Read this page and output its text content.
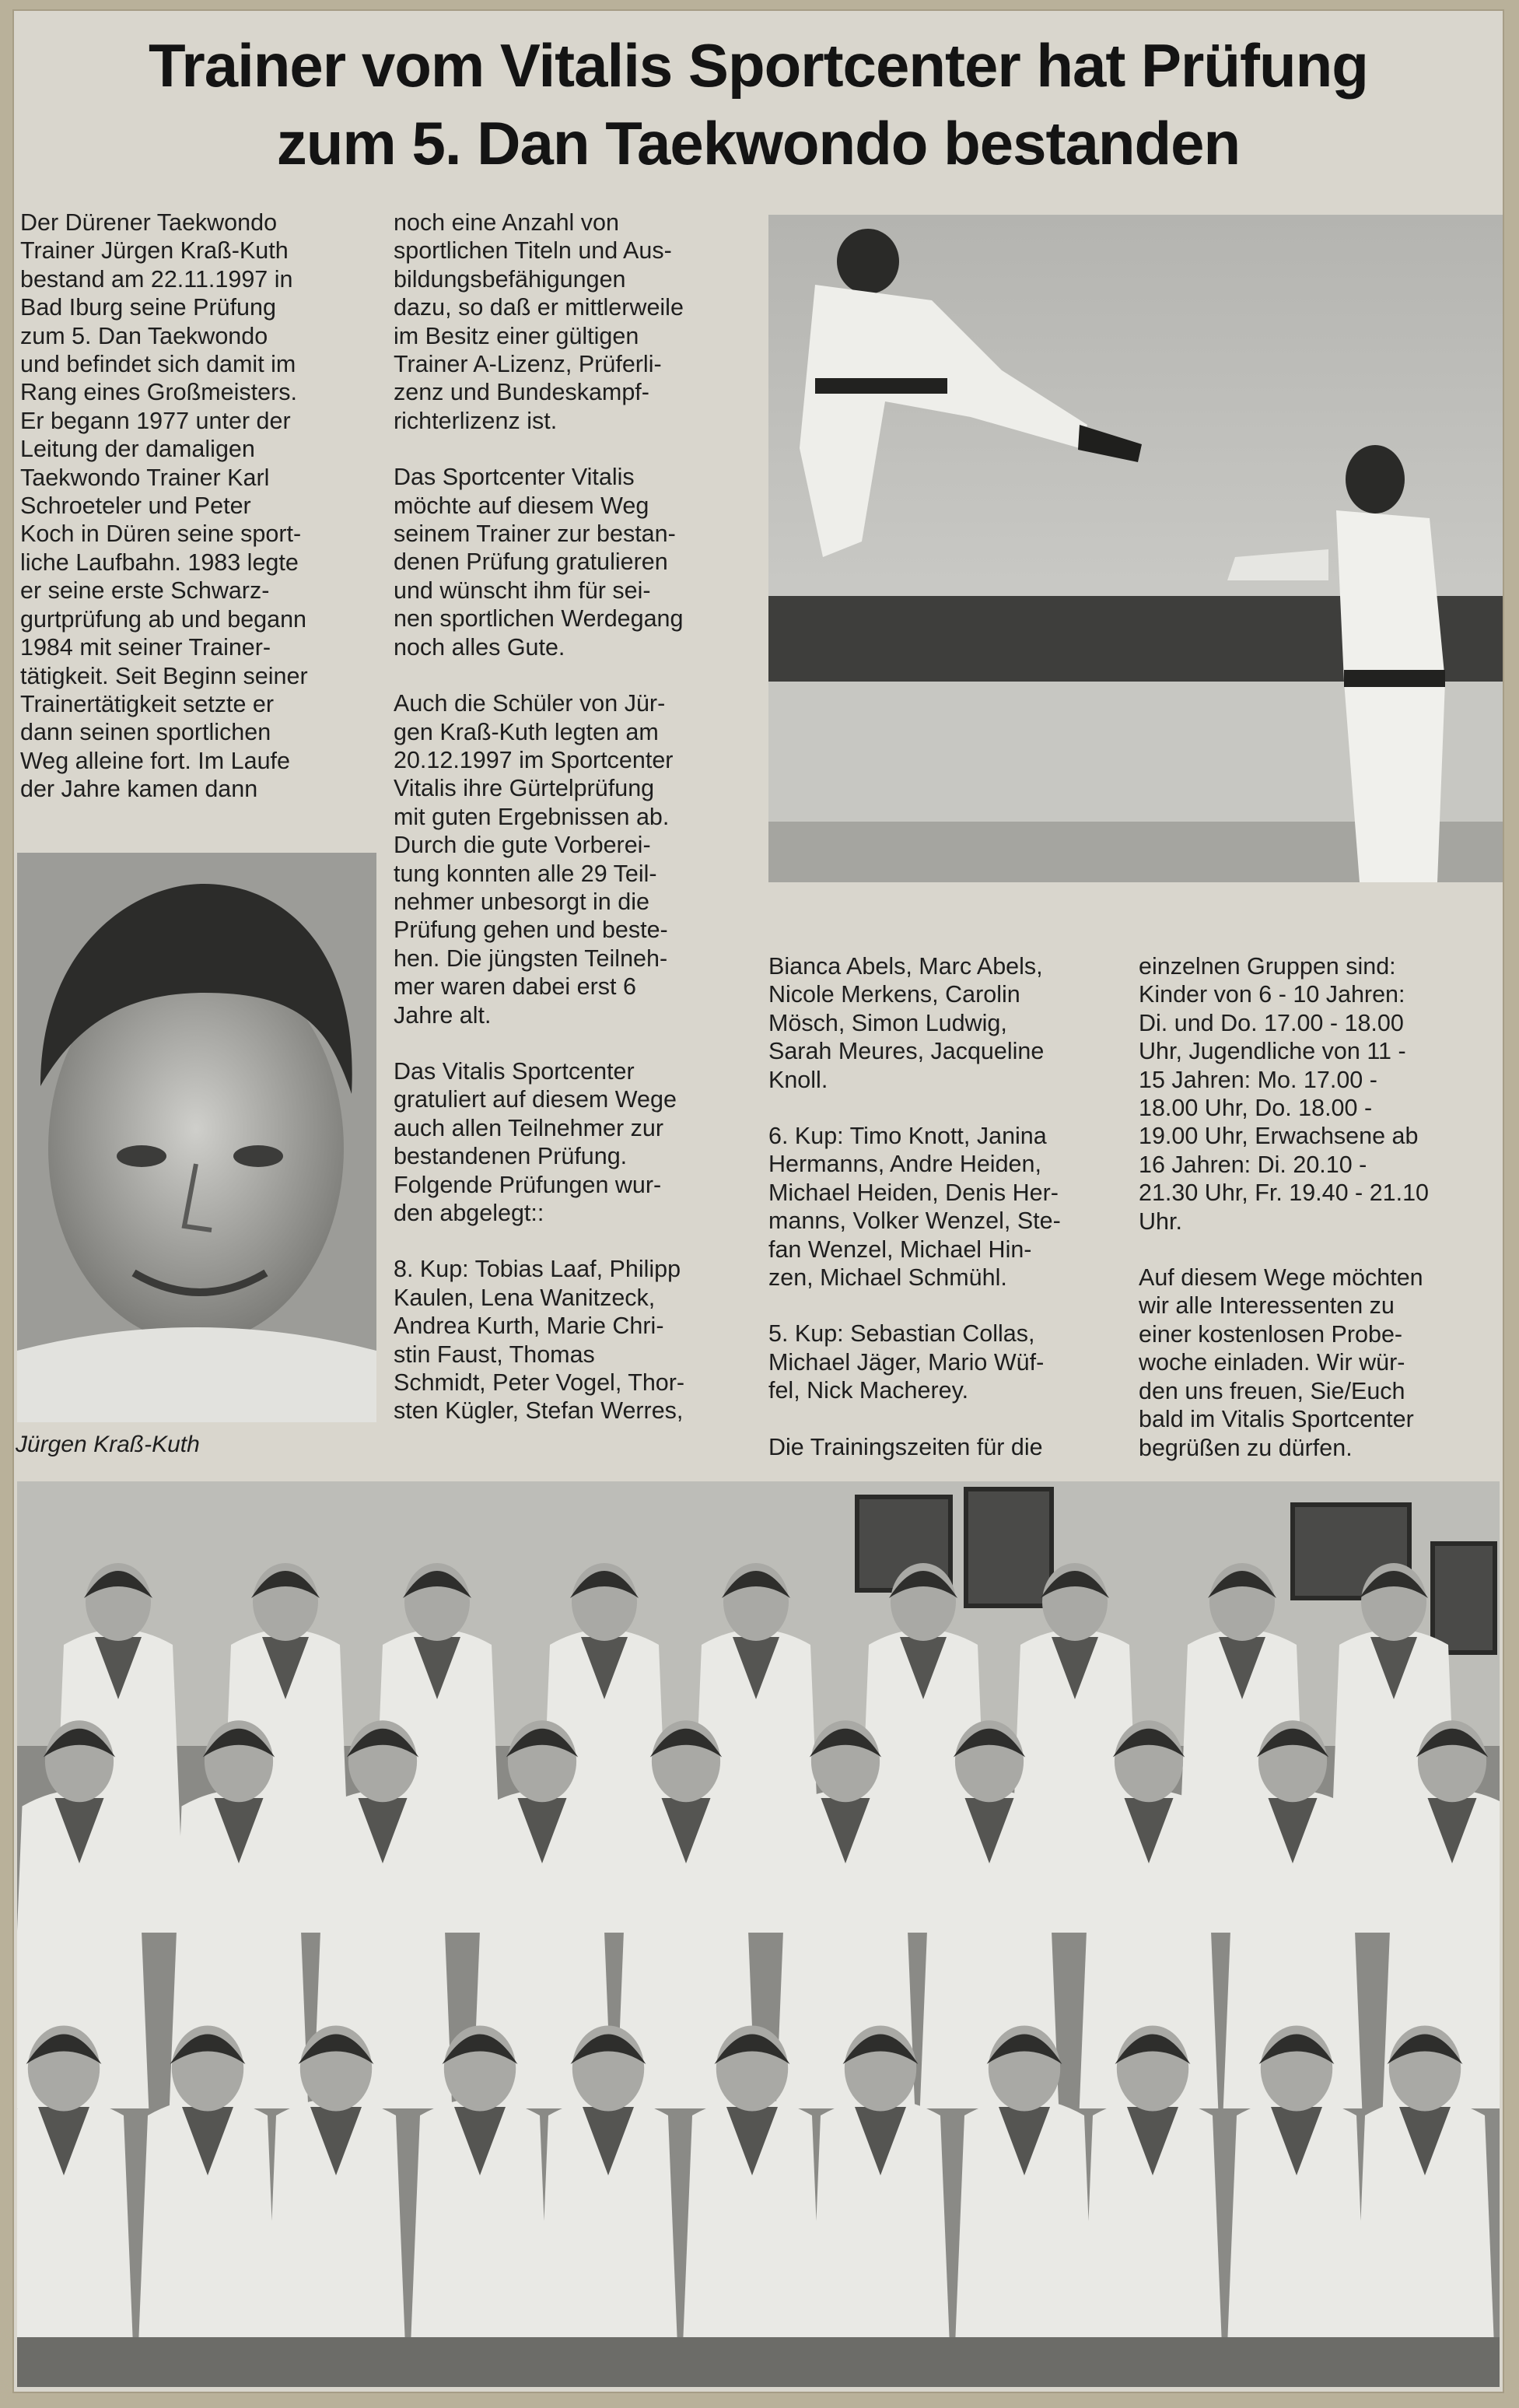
Trainer vom Vitalis Sportcenter hat Prüfung
zum 5. Dan Taekwondo bestanden

Der Dürener Taekwondo
Trainer Jürgen Kraß-Kuth
bestand am 22.11.1997 in
Bad Iburg seine Prüfung
zum 5. Dan Taekwondo
und befindet sich damit im
Rang eines Großmeisters.
Er begann 1977 unter der
Leitung der damaligen
Taekwondo Trainer Karl
Schroeteler und Peter
Koch in Düren seine sport-
liche Laufbahn. 1983 legte
er seine erste Schwarz-
gurtprüfung ab und begann
1984 mit seiner Trainer-
tätigkeit. Seit Beginn seiner
Trainertätigkeit setzte er
dann seinen sportlichen
Weg alleine fort. Im Laufe
der Jahre kamen dann

Jürgen Kraß-Kuth

noch eine Anzahl von
sportlichen Titeln und Aus-
bildungsbefähigungen
dazu, so daß er mittlerweile
im Besitz einer gültigen
Trainer A-Lizenz, Prüferli-
zenz und Bundeskampf-
richterlizenz ist.

Das Sportcenter Vitalis
möchte auf diesem Weg
seinem Trainer zur bestan-
denen Prüfung gratulieren
und wünscht ihm für sei-
nen sportlichen Werdegang
noch alles Gute.

Auch die Schüler von Jür-
gen Kraß-Kuth legten am
20.12.1997 im Sportcenter
Vitalis ihre Gürtelprüfung
mit guten Ergebnissen ab.
Durch die gute Vorberei-
tung konnten alle 29 Teil-
nehmer unbesorgt in die
Prüfung gehen und beste-
hen. Die jüngsten Teilneh-
mer waren dabei erst 6
Jahre alt.

Das Vitalis Sportcenter
gratuliert auf diesem Wege
auch allen Teilnehmer zur
bestandenen Prüfung.
Folgende Prüfungen wur-
den abgelegt::

8. Kup: Tobias Laaf, Philipp
Kaulen, Lena Wanitzeck,
Andrea Kurth, Marie Chri-
stin Faust, Thomas
Schmidt, Peter Vogel, Thor-
sten Kügler, Stefan Werres,

Bianca Abels, Marc Abels,
Nicole Merkens, Carolin
Mösch, Simon Ludwig,
Sarah Meures, Jacqueline
Knoll.

6. Kup: Timo Knott, Janina
Hermanns, Andre Heiden,
Michael Heiden, Denis Her-
manns, Volker Wenzel, Ste-
fan Wenzel, Michael Hin-
zen, Michael Schmühl.

5. Kup: Sebastian Collas,
Michael Jäger, Mario Wüf-
fel, Nick Macherey.

Die Trainingszeiten für die

einzelnen Gruppen sind:
Kinder von 6 - 10 Jahren:
Di. und Do. 17.00 - 18.00
Uhr, Jugendliche von 11 -
15 Jahren: Mo. 17.00 -
18.00 Uhr, Do. 18.00 -
19.00 Uhr, Erwachsene ab
16 Jahren: Di. 20.10 -
21.30 Uhr, Fr. 19.40 - 21.10
Uhr.

Auf diesem Wege möchten
wir alle Interessenten zu
einer kostenlosen Probe-
woche einladen. Wir wür-
den uns freuen, Sie/Euch
bald im Vitalis Sportcenter
begrüßen zu dürfen.
